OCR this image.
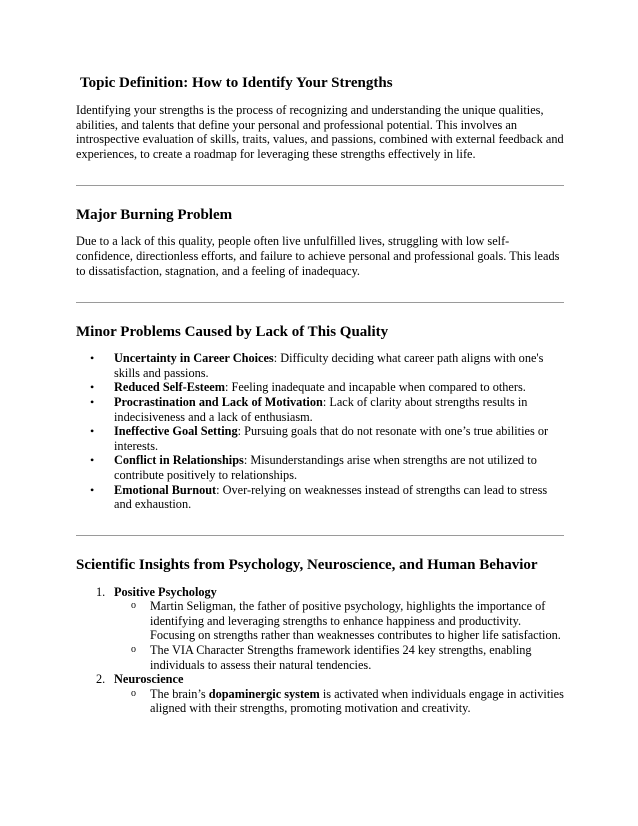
Topic Definition: How to Identify Your Strengths

Identifying your strengths is the process of recognizing and understanding the unique qualities, abilities, and talents that define your personal and professional potential. This involves an introspective evaluation of skills, traits, values, and passions, combined with external feedback and experiences, to create a roadmap for leveraging these strengths effectively in life.

Major Burning Problem

Due to a lack of this quality, people often live unfulfilled lives, struggling with low self-confidence, directionless efforts, and failure to achieve personal and professional goals. This leads to dissatisfaction, stagnation, and a feeling of inadequacy.

Minor Problems Caused by Lack of This Quality
• Uncertainty in Career Choices: Difficulty deciding what career path aligns with one's skills and passions.
• Reduced Self-Esteem: Feeling inadequate and incapable when compared to others.
• Procrastination and Lack of Motivation: Lack of clarity about strengths results in indecisiveness and a lack of enthusiasm.
• Ineffective Goal Setting: Pursuing goals that do not resonate with one’s true abilities or interests.
• Conflict in Relationships: Misunderstandings arise when strengths are not utilized to contribute positively to relationships.
• Emotional Burnout: Over-relying on weaknesses instead of strengths can lead to stress and exhaustion.
Scientific Insights from Psychology, Neuroscience, and Human Behavior
1. Positive Psychology
o Martin Seligman, the father of positive psychology, highlights the importance of identifying and leveraging strengths to enhance happiness and productivity. Focusing on strengths rather than weaknesses contributes to higher life satisfaction.
o The VIA Character Strengths framework identifies 24 key strengths, enabling individuals to assess their natural tendencies.
2. Neuroscience
o The brain’s dopaminergic system is activated when individuals engage in activities aligned with their strengths, promoting motivation and creativity.
